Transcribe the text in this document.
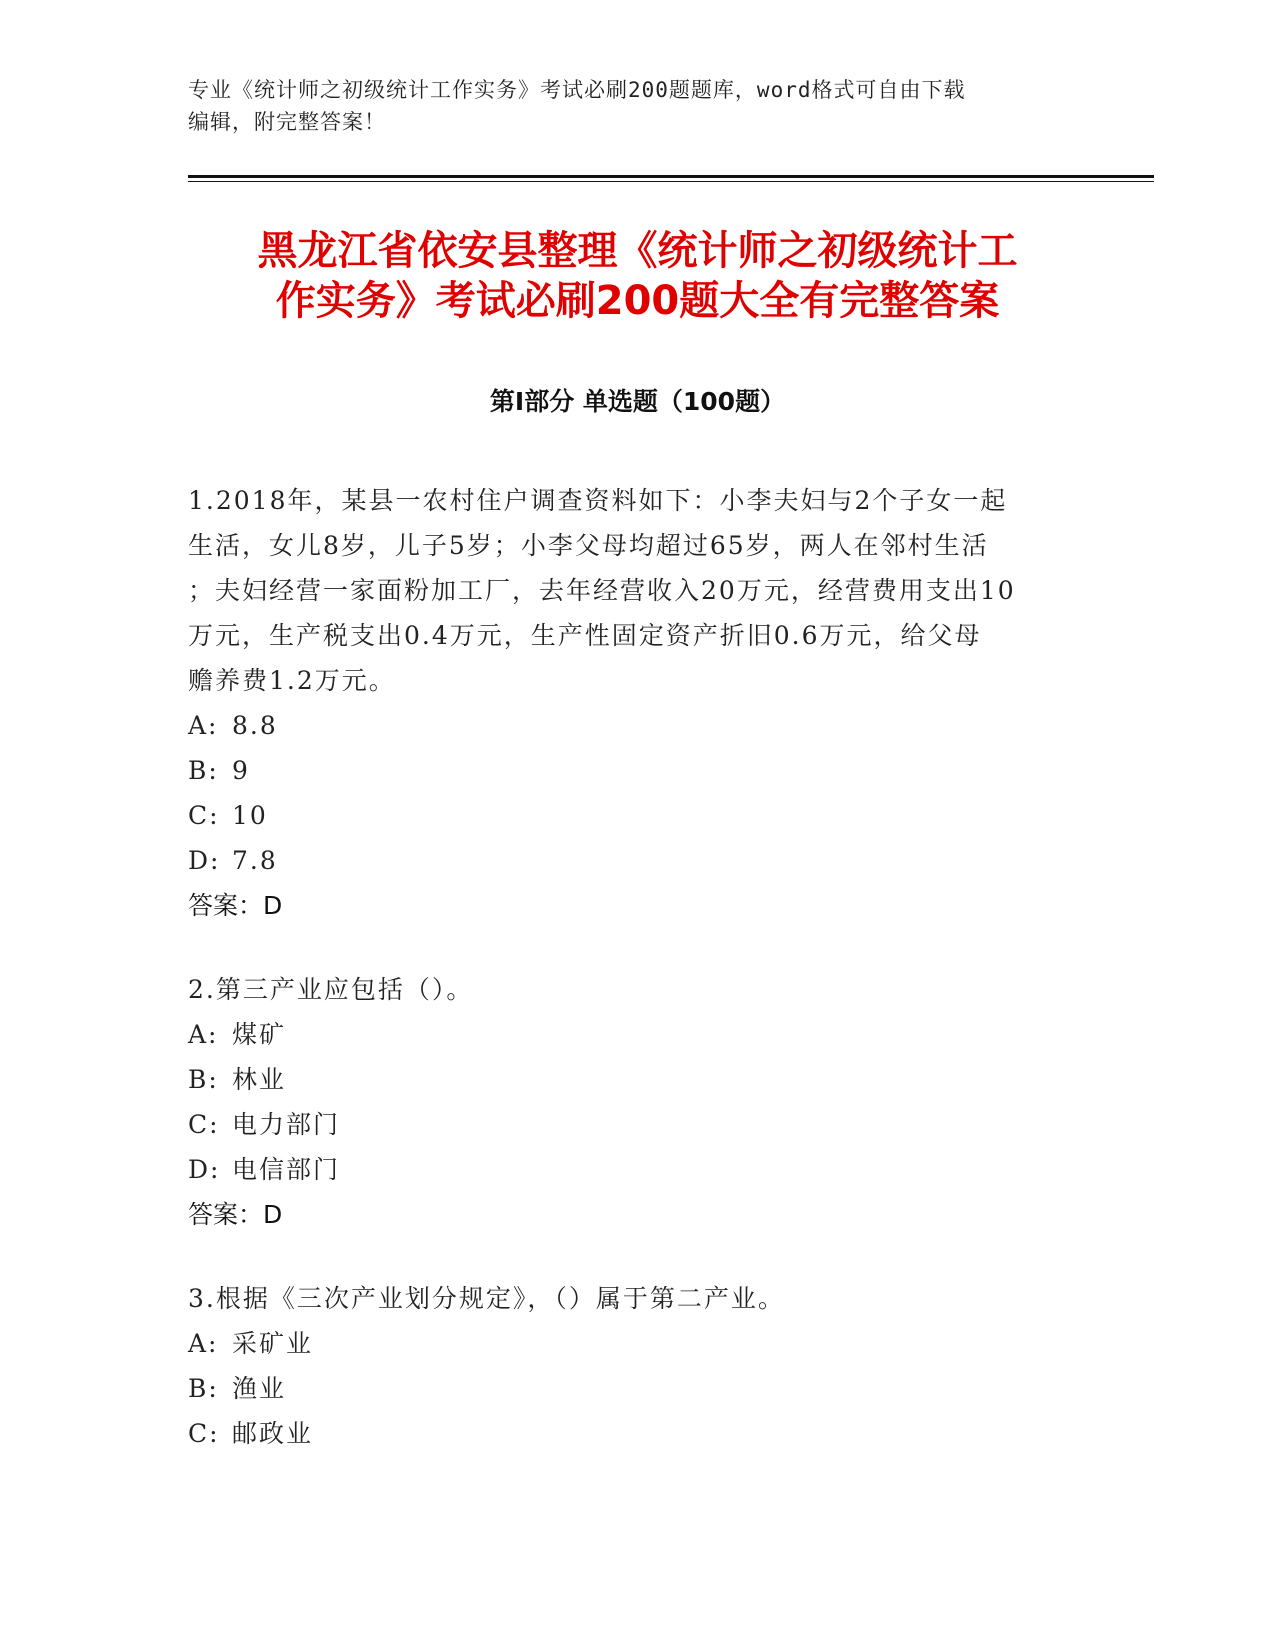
专业《统计师之初级统计工作实务》考试必刷200题题库，word格式可自由下载
编辑，附完整答案！
黑龙江省依安县整理《统计师之初级统计工
作实务》考试必刷200题大全有完整答案
第Ⅰ部分 单选题（100题）
1.2018年，某县一农村住户调查资料如下：小李夫妇与2个子女一起
生活，女儿8岁，儿子5岁；小李父母均超过65岁，两人在邻村生活
；夫妇经营一家面粉加工厂，去年经营收入20万元，经营费用支出10
万元，生产税支出0.4万元，生产性固定资产折旧0.6万元，给父母
赡养费1.2万元。
A: 8.8
B: 9
C: 10
D: 7.8
答案：D
2.第三产业应包括（）。
A: 煤矿
B: 林业
C: 电力部门
D: 电信部门
答案：D
3.根据《三次产业划分规定》，（）属于第二产业。
A: 采矿业
B: 渔业
C: 邮政业
